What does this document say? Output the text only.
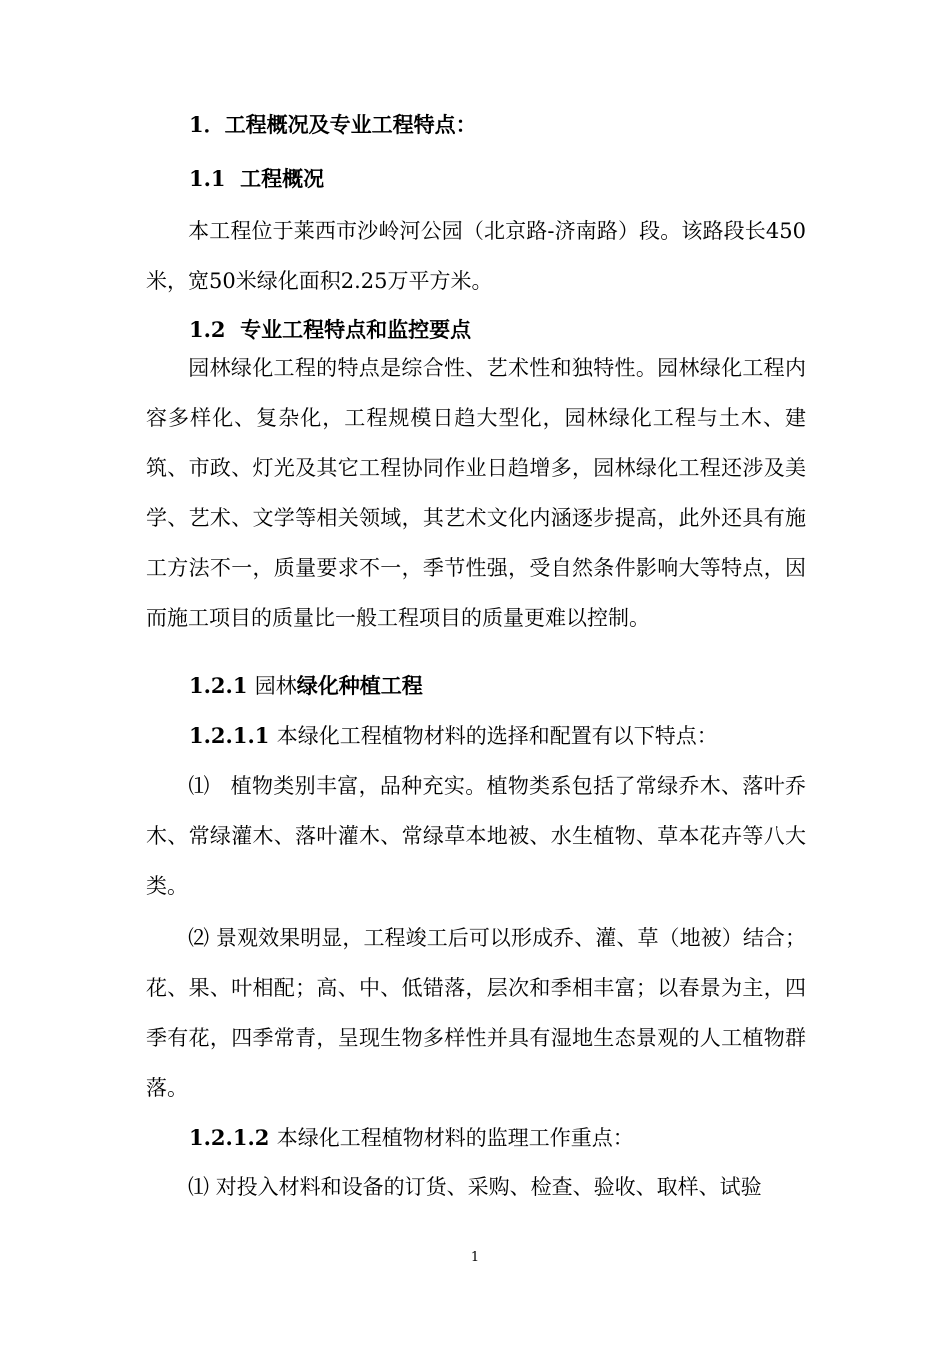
1．工程概况及专业工程特点：
1.1 工程概况

本工程位于莱西市沙岭河公园（北京路-济南路）段。该路段长450米，宽50米绿化面积2.25万平方米。

1.2 专业工程特点和监控要点

园林绿化工程的特点是综合性、艺术性和独特性。园林绿化工程内容多样化、复杂化，工程规模日趋大型化，园林绿化工程与土木、建筑、市政、灯光及其它工程协同作业日趋增多，园林绿化工程还涉及美学、艺术、文学等相关领域，其艺术文化内涵逐步提高，此外还具有施工方法不一，质量要求不一，季节性强，受自然条件影响大等特点，因而施工项目的质量比一般工程项目的质量更难以控制。

1.2.1 园林绿化种植工程
1.2.1.1 本绿化工程植物材料的选择和配置有以下特点：

⑴ 植物类别丰富，品种充实。植物类系包括了常绿乔木、落叶乔木、常绿灌木、落叶灌木、常绿草本地被、水生植物、草本花卉等八大类。

⑵ 景观效果明显，工程竣工后可以形成乔、灌、草（地被）结合；花、果、叶相配；高、中、低错落，层次和季相丰富；以春景为主，四季有花，四季常青，呈现生物多样性并具有湿地生态景观的人工植物群落。

1.2.1.2 本绿化工程植物材料的监理工作重点：

⑴ 对投入材料和设备的订货、采购、检查、验收、取样、试验

1
